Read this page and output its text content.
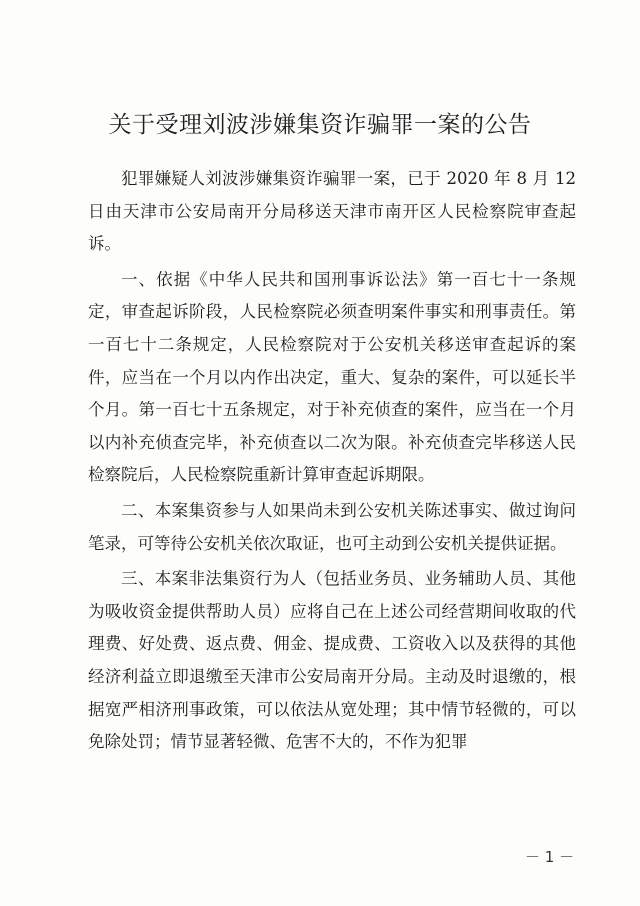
关于受理刘波涉嫌集资诈骗罪一案的公告

犯罪嫌疑人刘波涉嫌集资诈骗罪一案，已于 2020 年 8 月 12 日由天津市公安局南开分局移送天津市南开区人民检察院审查起诉。

一、依据《中华人民共和国刑事诉讼法》第一百七十一条规定，审查起诉阶段，人民检察院必须查明案件事实和刑事责任。第一百七十二条规定，人民检察院对于公安机关移送审查起诉的案件，应当在一个月以内作出决定，重大、复杂的案件，可以延长半个月。第一百七十五条规定，对于补充侦查的案件，应当在一个月以内补充侦查完毕，补充侦查以二次为限。补充侦查完毕移送人民检察院后，人民检察院重新计算审查起诉期限。

二、本案集资参与人如果尚未到公安机关陈述事实、做过询问笔录，可等待公安机关依次取证，也可主动到公安机关提供证据。

三、本案非法集资行为人（包括业务员、业务辅助人员、其他为吸收资金提供帮助人员）应将自己在上述公司经营期间收取的代理费、好处费、返点费、佣金、提成费、工资收入以及获得的其他经济利益立即退缴至天津市公安局南开分局。主动及时退缴的，根据宽严相济刑事政策，可以依法从宽处理；其中情节轻微的，可以免除处罚；情节显著轻微、危害不大的，不作为犯罪

－ 1 －
